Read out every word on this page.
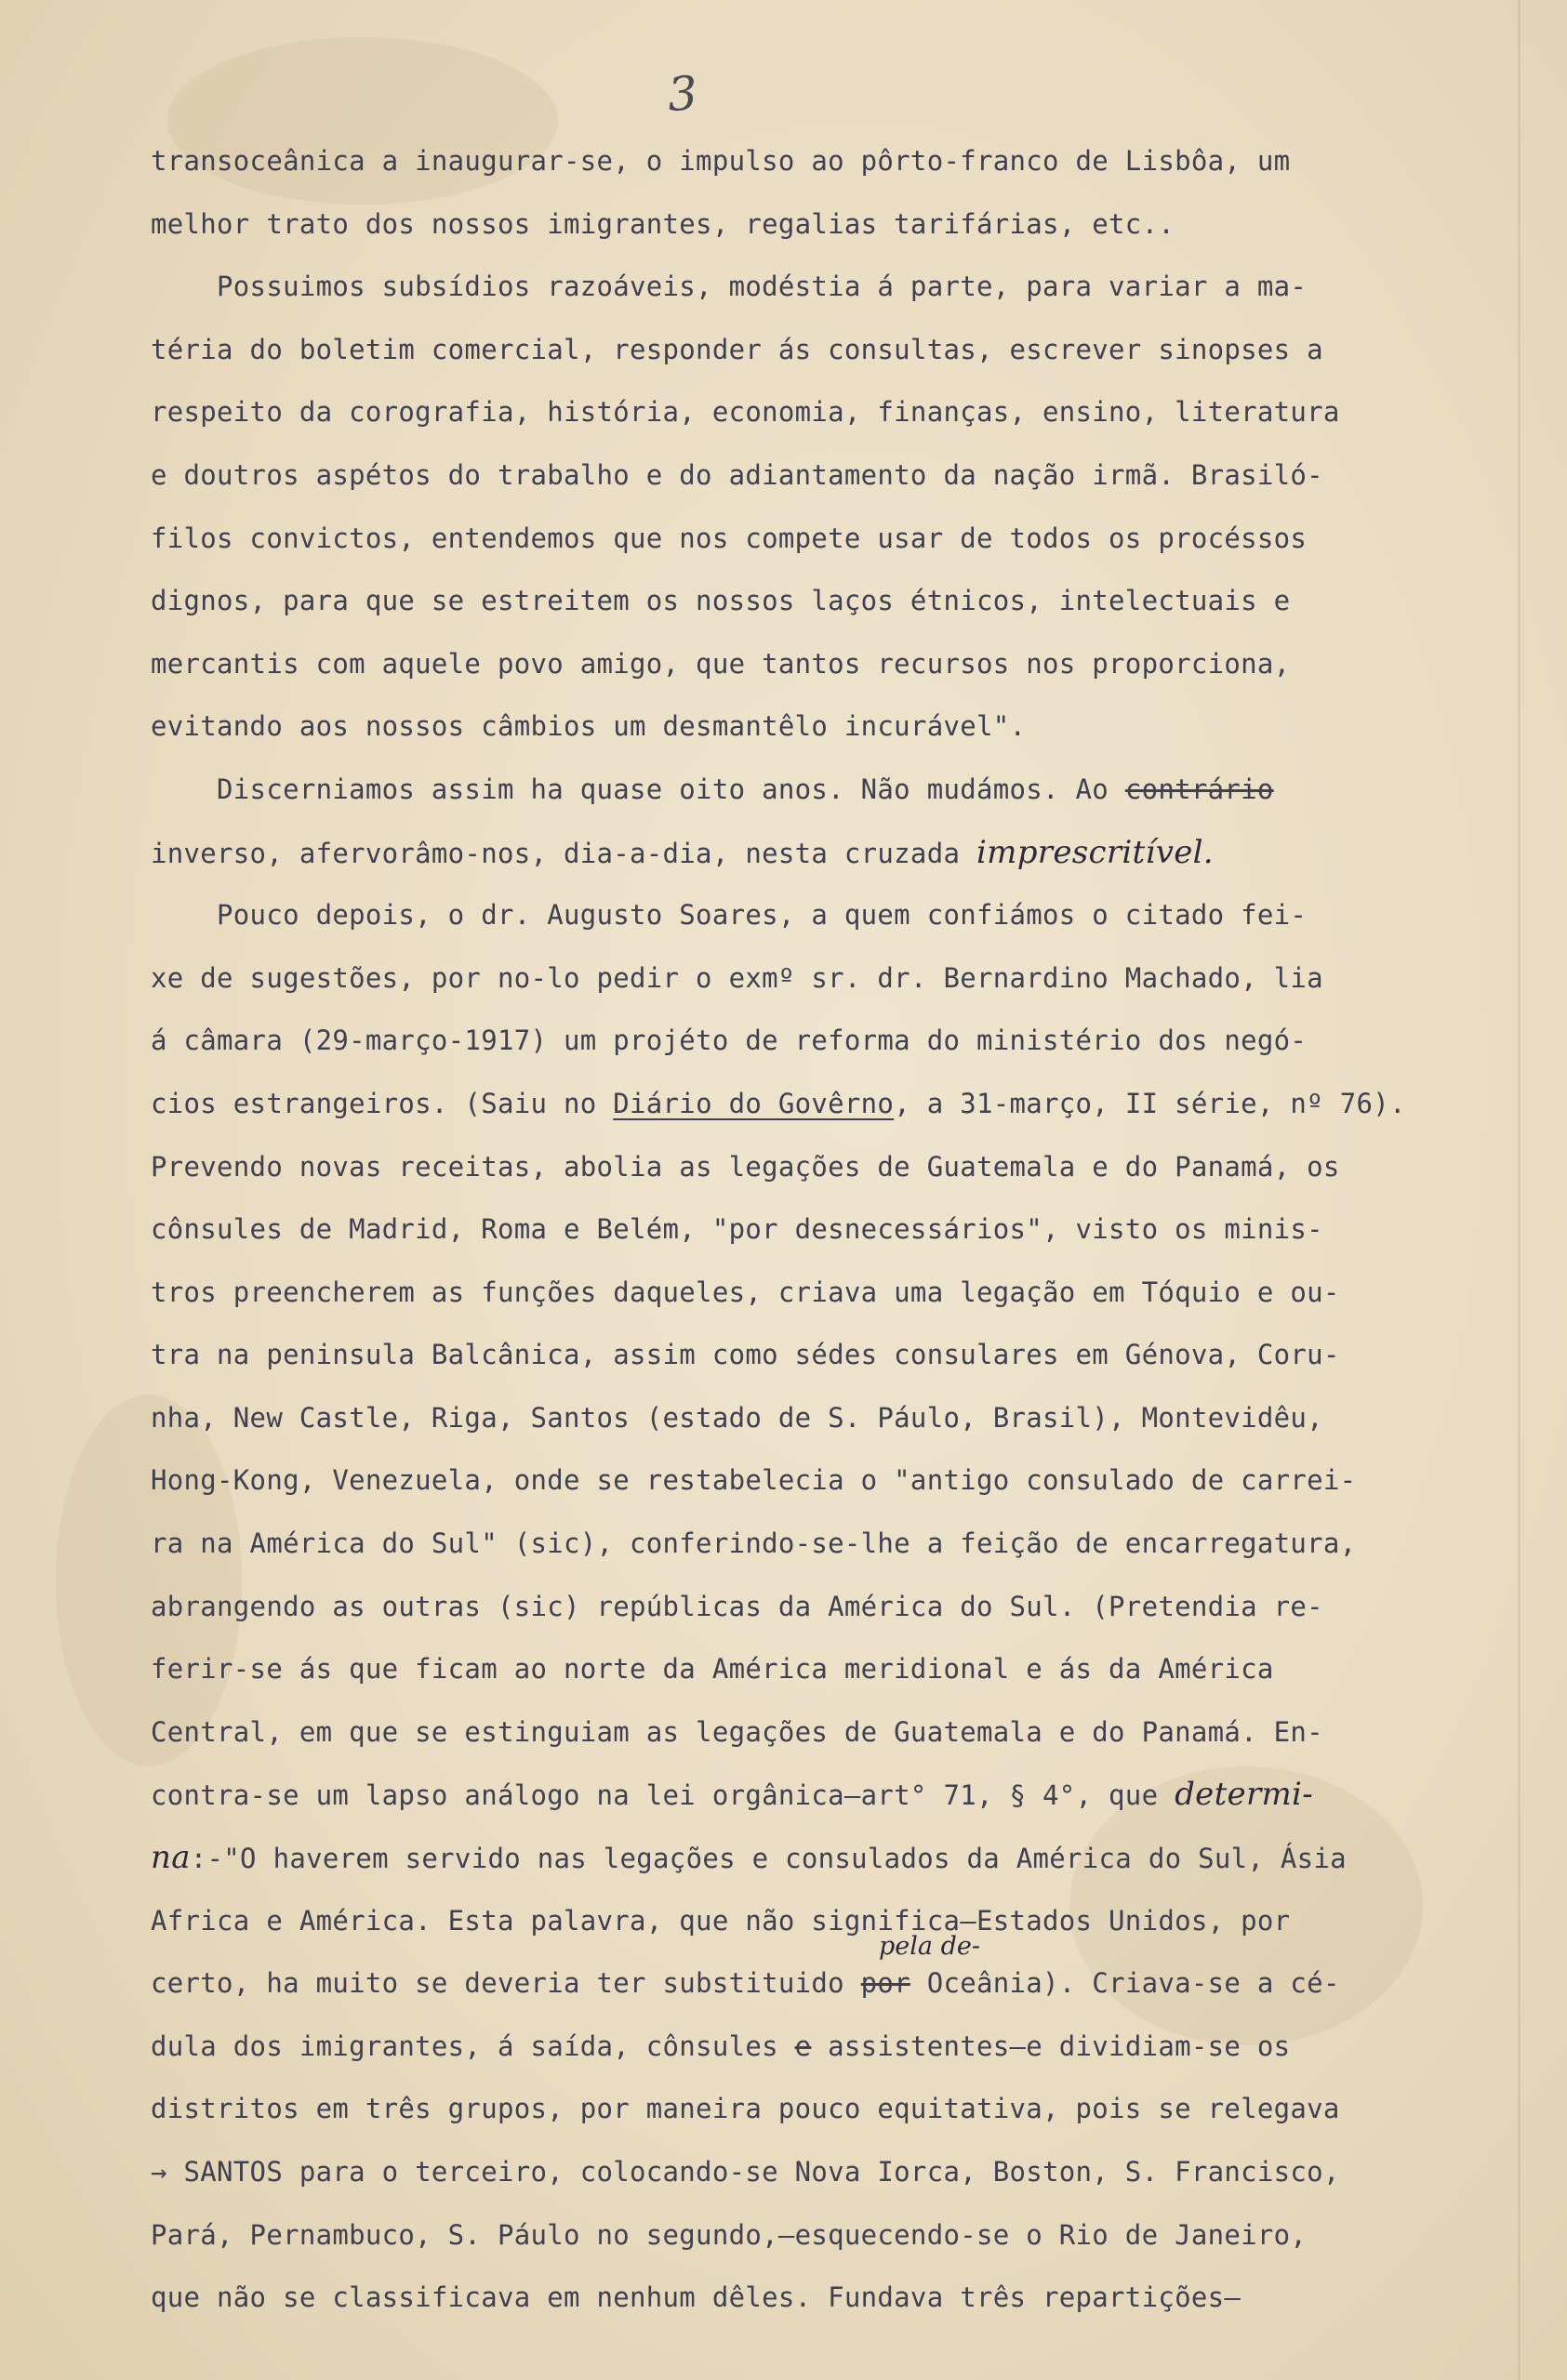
3

transoceânica a inaugurar-se, o impulso ao pôrto-franco de Lisbôa, um
melhor trato dos nossos imigrantes, regalias tarifárias, etc..
Possuimos subsídios razoáveis, modéstia á parte, para variar a ma-
téria do boletim comercial, responder ás consultas, escrever sinopses a
respeito da corografia, história, economia, finanças, ensino, literatura
e doutros aspétos do trabalho e do adiantamento da nação irmã. Brasiló-
filos convictos, entendemos que nos compete usar de todos os procéssos
dignos, para que se estreitem os nossos laços étnicos, intelectuais e
mercantis com aquele povo amigo, que tantos recursos nos proporciona,
evitando aos nossos câmbios um desmantêlo incurável".
Discerniamos assim ha quase oito anos. Não mudámos. Ao contrário
inverso, afervorâmo-nos, dia-a-dia, nesta cruzada imprescritível.
Pouco depois, o dr. Augusto Soares, a quem confiámos o citado fei-
xe de sugestões, por no-lo pedir o exmº sr. dr. Bernardino Machado, lia
á câmara (29-março-1917) um projéto de reforma do ministério dos negó-
cios estrangeiros. (Saiu no Diário do Govêrno, a 31-março, II série, nº 76).
Prevendo novas receitas, abolia as legações de Guatemala e do Panamá, os
cônsules de Madrid, Roma e Belém, "por desnecessários", visto os minis-
tros preencherem as funções daqueles, criava uma legação em Tóquio e ou-
tra na peninsula Balcânica, assim como sédes consulares em Génova, Coru-
nha, New Castle, Riga, Santos (estado de S. Páulo, Brasil), Montevidêu,
Hong-Kong, Venezuela, onde se restabelecia o "antigo consulado de carrei-
ra na América do Sul" (sic), conferindo-se-lhe a feição de encarregatura,
abrangendo as outras (sic) repúblicas da América do Sul. (Pretendia re-
ferir-se ás que ficam ao norte da América meridional e ás da América
Central, em que se estinguiam as legações de Guatemala e do Panamá. En-
contra-se um lapso análogo na lei orgânica—art° 71, § 4°, que determi-
na:-"O haverem servido nas legações e consulados da América do Sul, Ásia
Africa e América. Esta palavra, que não significa—Estados Unidos, por
certo, ha muito se deveria ter substituido por Oceânia). Criava-se a cé-
dula dos imigrantes, á saída, cônsules e assistentes—e dividiam-se os
distritos em três grupos, por maneira pouco equitativa, pois se relegava
→ SANTOS para o terceiro, colocando-se Nova Iorca, Boston, S. Francisco,
Pará, Pernambuco, S. Páulo no segundo,—esquecendo-se o Rio de Janeiro,
que não se classificava em nenhum dêles. Fundava três repartições—

pela de-
